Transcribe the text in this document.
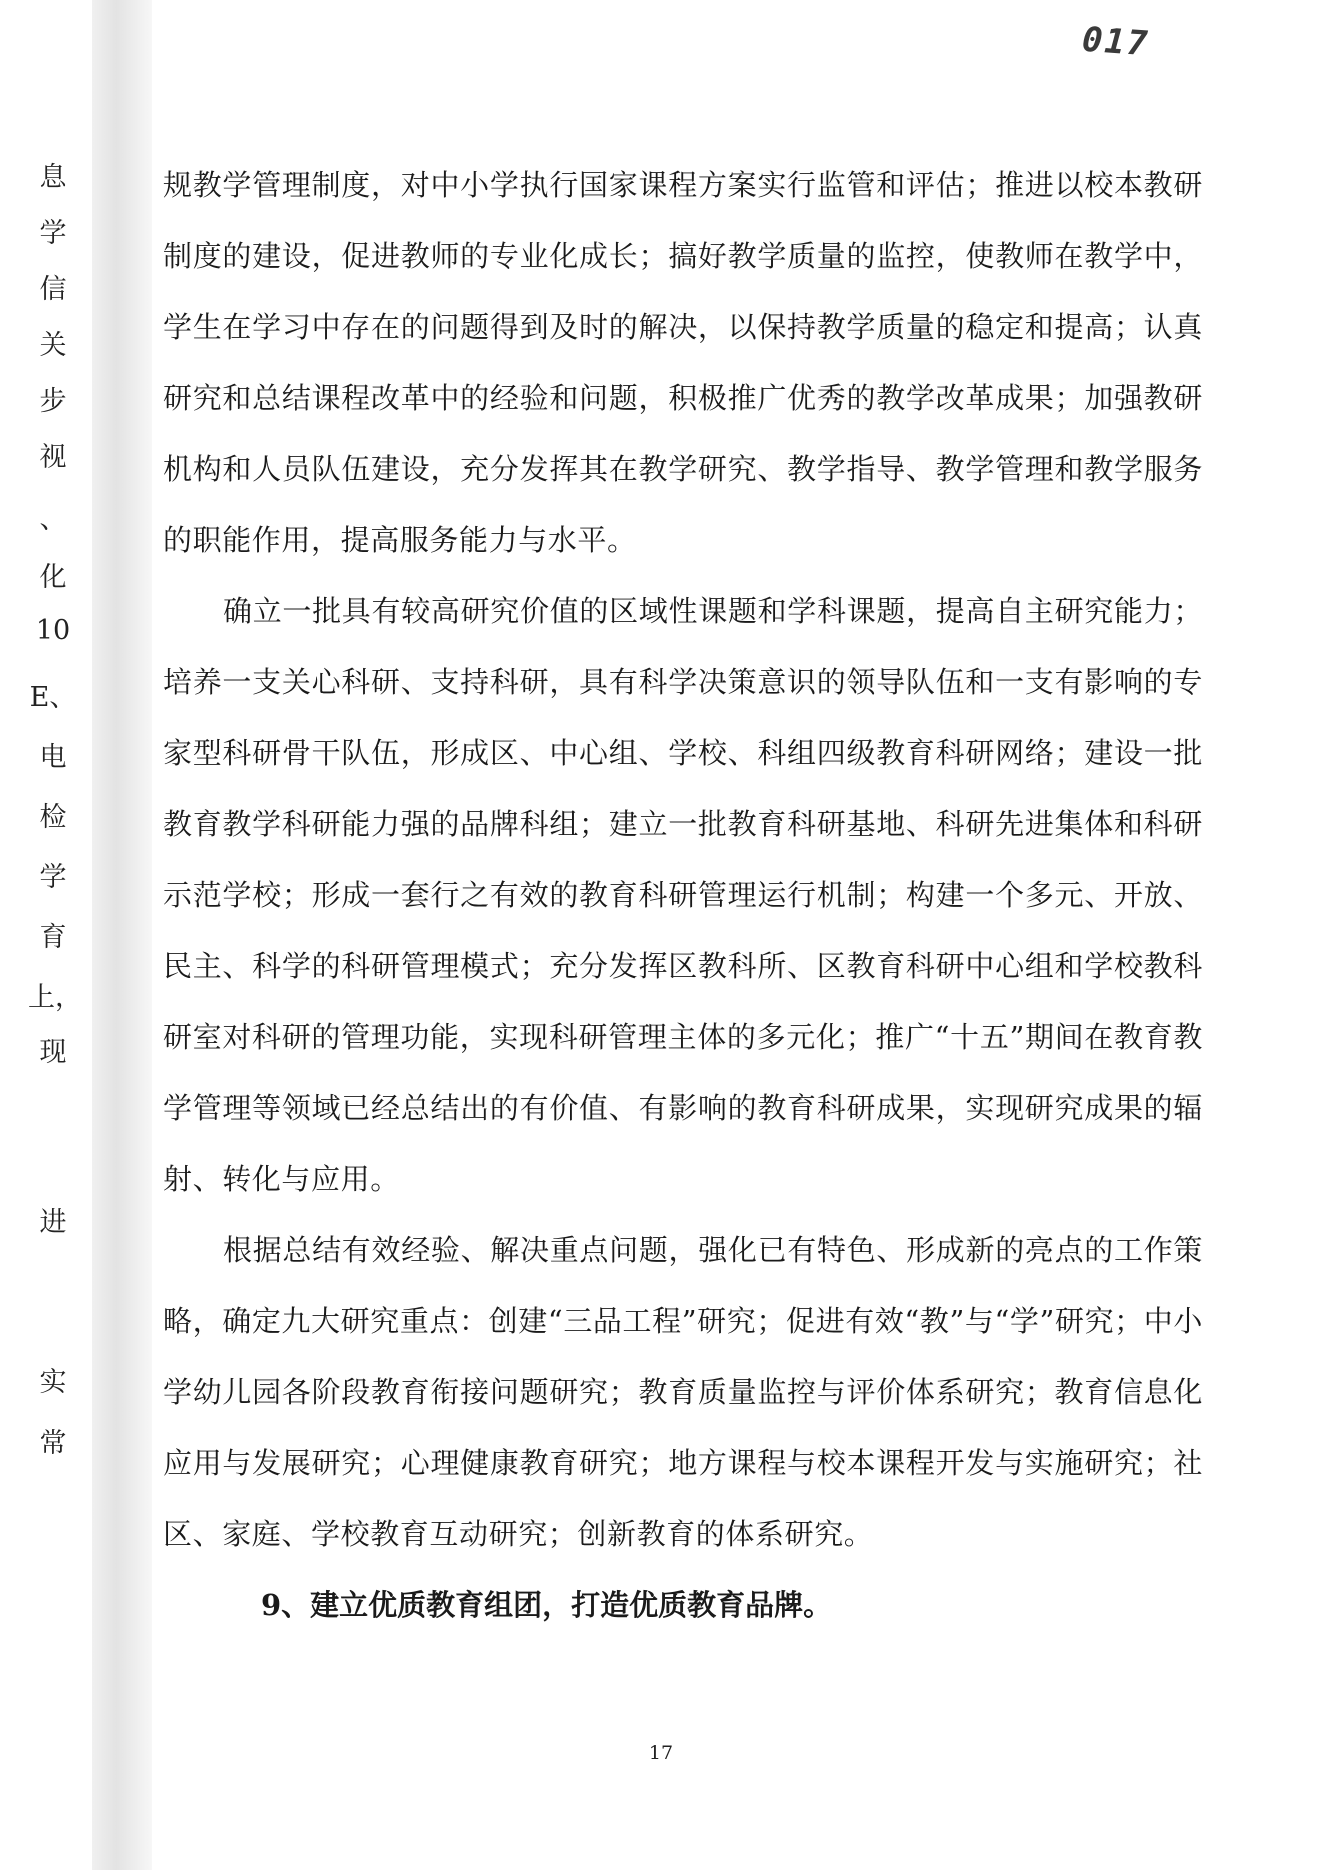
017
息
学
信
关
步
视
、
化
10
E、
电
检
学
育
上，
现
进
实
常

规教学管理制度，对中小学执行国家课程方案实行监管和评估；推进以校本教研制度的建设，促进教师的专业化成长；搞好教学质量的监控，使教师在教学中，学生在学习中存在的问题得到及时的解决，以保持教学质量的稳定和提高；认真研究和总结课程改革中的经验和问题，积极推广优秀的教学改革成果；加强教研机构和人员队伍建设，充分发挥其在教学研究、教学指导、教学管理和教学服务的职能作用，提高服务能力与水平。

确立一批具有较高研究价值的区域性课题和学科课题，提高自主研究能力；培养一支关心科研、支持科研，具有科学决策意识的领导队伍和一支有影响的专家型科研骨干队伍，形成区、中心组、学校、科组四级教育科研网络；建设一批教育教学科研能力强的品牌科组；建立一批教育科研基地、科研先进集体和科研示范学校；形成一套行之有效的教育科研管理运行机制；构建一个多元、开放、民主、科学的科研管理模式；充分发挥区教科所、区教育科研中心组和学校教科研室对科研的管理功能，实现科研管理主体的多元化；推广“十五”期间在教育教学管理等领域已经总结出的有价值、有影响的教育科研成果，实现研究成果的辐射、转化与应用。

根据总结有效经验、解决重点问题，强化已有特色、形成新的亮点的工作策略，确定九大研究重点：创建“三品工程”研究；促进有效“教”与“学”研究；中小学幼儿园各阶段教育衔接问题研究；教育质量监控与评价体系研究；教育信息化应用与发展研究；心理健康教育研究；地方课程与校本课程开发与实施研究；社区、家庭、学校教育互动研究；创新教育的体系研究。

9、建立优质教育组团，打造优质教育品牌。

17
